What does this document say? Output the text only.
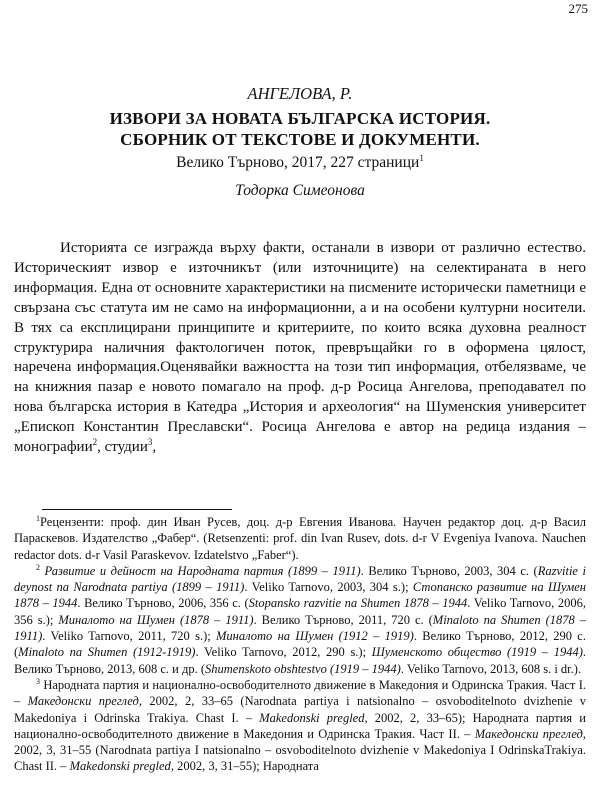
275

АНГЕЛОВА, Р.

ИЗВОРИ ЗА НОВАТА БЪЛГАРСКА ИСТОРИЯ.
СБОРНИК ОТ ТЕКСТОВЕ И ДОКУМЕНТИ.

Велико Търново, 2017, 227 страници$^1$

Тодорка Симеонова

Историята се изгражда върху факти, останали в извори от различно естество. Историческият извор е източникът (или източниците) на селектираната в него информация. Една от основните характеристики на писмените исторически паметници е свързана със статута им не само на информационни, а и на особени културни носители. В тях са експлицирани принципите и критериите, по които всяка духовна реалност структурира наличния фактологичен поток, превръщайки го в оформена цялост, наречена информация.Оценявайки важността на този тип информация, отбелязваме, че на книжния пазар е новото помагало на проф. д-р Росица Ангелова, преподавател по нова българска история в Катедра „История и археология“ на Шуменския университет „Епископ Константин Преславски“. Росица Ангелова е автор на редица издания – монографии$^2$, студии$^3$,

$^1$Рецензенти: проф. дин Иван Русев, доц. д-р Евгения Иванова. Научен редактор доц. д-р Васил Параскевов. Издателство „Фабер“. (Retsenzenti: prof. din Ivan Rusev, dots. d-r V Evgeniya Ivanova. Nauchen redactor dots. d-r Vasil Paraskevov. Izdatelstvo „Faber“).

$^2$ Развитие и дейност на Народната партия (1899 – 1911). Велико Търново, 2003, 304 с. (Razvitie i deynost na Narodnata partiya (1899 – 1911). Veliko Tarnovo, 2003, 304 s.); Стопанско развитие на Шумен 1878 – 1944. Велико Търново, 2006, 356 с. (Stopansko razvitie na Shumen 1878 – 1944. Veliko Tarnovo, 2006, 356 s.); Миналото на Шумен (1878 – 1911). Велико Търново, 2011, 720 с. (Minaloto na Shumen (1878 – 1911). Veliko Tarnovo, 2011, 720 s.); Миналото на Шумен (1912 – 1919). Велико Търново, 2012, 290 с. (Minaloto na Shumen (1912-1919). Veliko Tarnovo, 2012, 290 s.); Шуменското общество (1919 – 1944). Велико Търново, 2013, 608 с. и др. (Shumenskoto obshtestvo (1919 – 1944). Veliko Tarnovo, 2013, 608 s. i dr.).

$^3$ Народната партия и национално-освободителното движение в Македония и Одринска Тракия. Част I. – Македонски преглед, 2002, 2, 33–65 (Narodnata partiya i natsionalno – osvoboditelnoto dvizhenie v Makedoniya i Odrinska Trakiya. Chast I. – Makedonski pregled, 2002, 2, 33–65); Народната партия и национално-освободителното движение в Македония и Одринска Тракия. Част II. – Македонски преглед, 2002, 3, 31–55 (Narodnata partiya I natsionalno – osvoboditelnoto dvizhenie v Makedoniya I OdrinskaTrakiya. Chast II. – Makedonski pregled, 2002, 3, 31–55); Народната
